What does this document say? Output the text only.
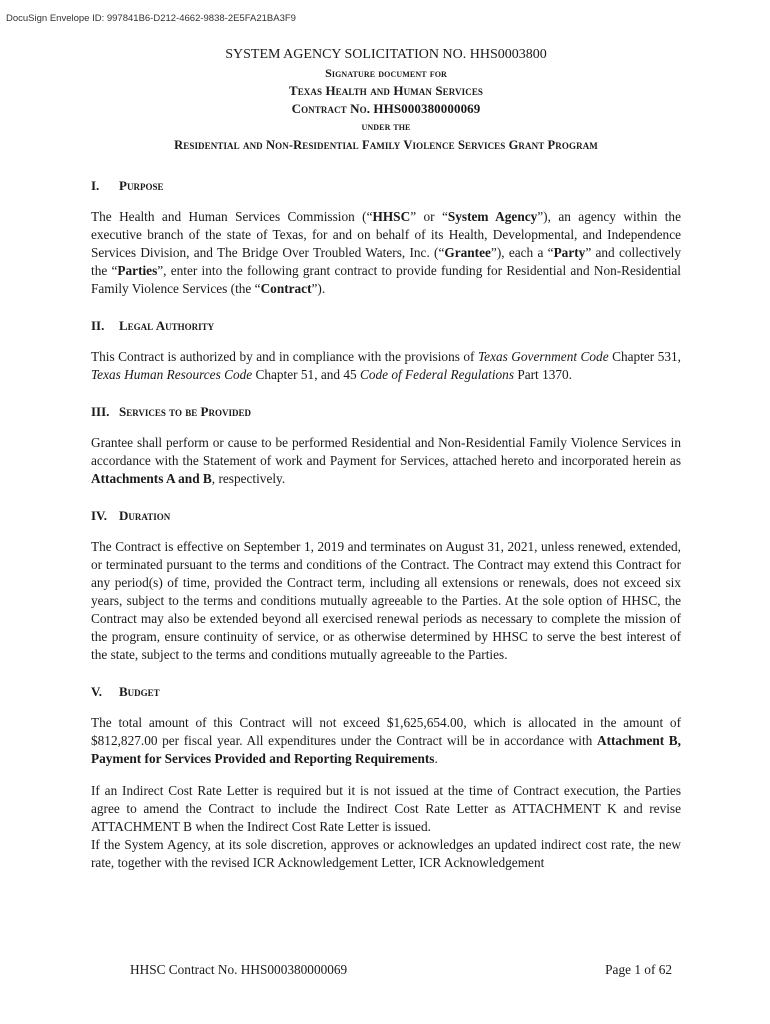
DocuSign Envelope ID: 997841B6-D212-4662-9838-2E5FA21BA3F9
SYSTEM AGENCY SOLICITATION NO. HHS0003800
Signature document for
Texas Health and Human Services
Contract No. HHS000380000069
under the
Residential and Non-Residential Family Violence Services Grant Program
I. Purpose

The Health and Human Services Commission (“HHSC” or “System Agency”), an agency within the executive branch of the state of Texas, for and on behalf of its Health, Developmental, and Independence Services Division, and The Bridge Over Troubled Waters, Inc. (“Grantee”), each a “Party” and collectively the “Parties”, enter into the following grant contract to provide funding for Residential and Non-Residential Family Violence Services (the “Contract”).

II. Legal Authority

This Contract is authorized by and in compliance with the provisions of Texas Government Code Chapter 531, Texas Human Resources Code Chapter 51, and 45 Code of Federal Regulations Part 1370.

III. Services to be Provided

Grantee shall perform or cause to be performed Residential and Non-Residential Family Violence Services in accordance with the Statement of work and Payment for Services, attached hereto and incorporated herein as Attachments A and B, respectively.

IV. Duration

The Contract is effective on September 1, 2019 and terminates on August 31, 2021, unless renewed, extended, or terminated pursuant to the terms and conditions of the Contract. The Contract may extend this Contract for any period(s) of time, provided the Contract term, including all extensions or renewals, does not exceed six years, subject to the terms and conditions mutually agreeable to the Parties. At the sole option of HHSC, the Contract may also be extended beyond all exercised renewal periods as necessary to complete the mission of the program, ensure continuity of service, or as otherwise determined by HHSC to serve the best interest of the state, subject to the terms and conditions mutually agreeable to the Parties.

V. Budget

The total amount of this Contract will not exceed $1,625,654.00, which is allocated in the amount of $812,827.00 per fiscal year. All expenditures under the Contract will be in accordance with Attachment B, Payment for Services Provided and Reporting Requirements.

If an Indirect Cost Rate Letter is required but it is not issued at the time of Contract execution, the Parties agree to amend the Contract to include the Indirect Cost Rate Letter as ATTACHMENT K and revise ATTACHMENT B when the Indirect Cost Rate Letter is issued.

If the System Agency, at its sole discretion, approves or acknowledges an updated indirect cost rate, the new rate, together with the revised ICR Acknowledgement Letter, ICR Acknowledgement

HHSC Contract No. HHS000380000069	Page 1 of 62
